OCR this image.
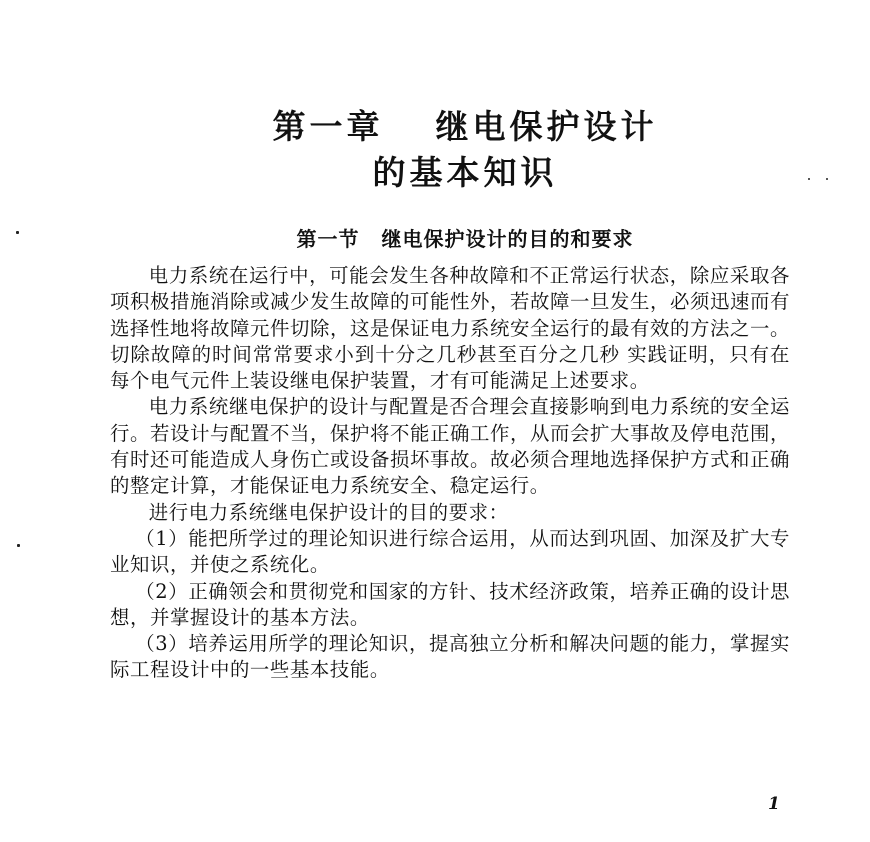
第一章 继电保护设计
的基本知识
第一节 继电保护设计的目的和要求

电力系统在运行中，可能会发生各种故障和不正常运行状态，除应采取各项积极措施消除或减少发生故障的可能性外，若故障一旦发生，必须迅速而有选择性地将故障元件切除，这是保证电力系统安全运行的最有效的方法之一。切除故障的时间常常要求小到十分之几秒甚至百分之几秒 实践证明，只有在每个电气元件上装设继电保护装置，才有可能满足上述要求。

电力系统继电保护的设计与配置是否合理会直接影响到电力系统的安全运行。若设计与配置不当，保护将不能正确工作，从而会扩大事故及停电范围，有时还可能造成人身伤亡或设备损坏事故。故必须合理地选择保护方式和正确的整定计算，才能保证电力系统安全、稳定运行。

进行电力系统继电保护设计的目的要求：

（1）能把所学过的理论知识进行综合运用，从而达到巩固、加深及扩大专业知识，并使之系统化。

（2）正确领会和贯彻党和国家的方针、技术经济政策，培养正确的设计思想，并掌握设计的基本方法。

（3）培养运用所学的理论知识，提高独立分析和解决问题的能力，掌握实际工程设计中的一些基本技能。

1
